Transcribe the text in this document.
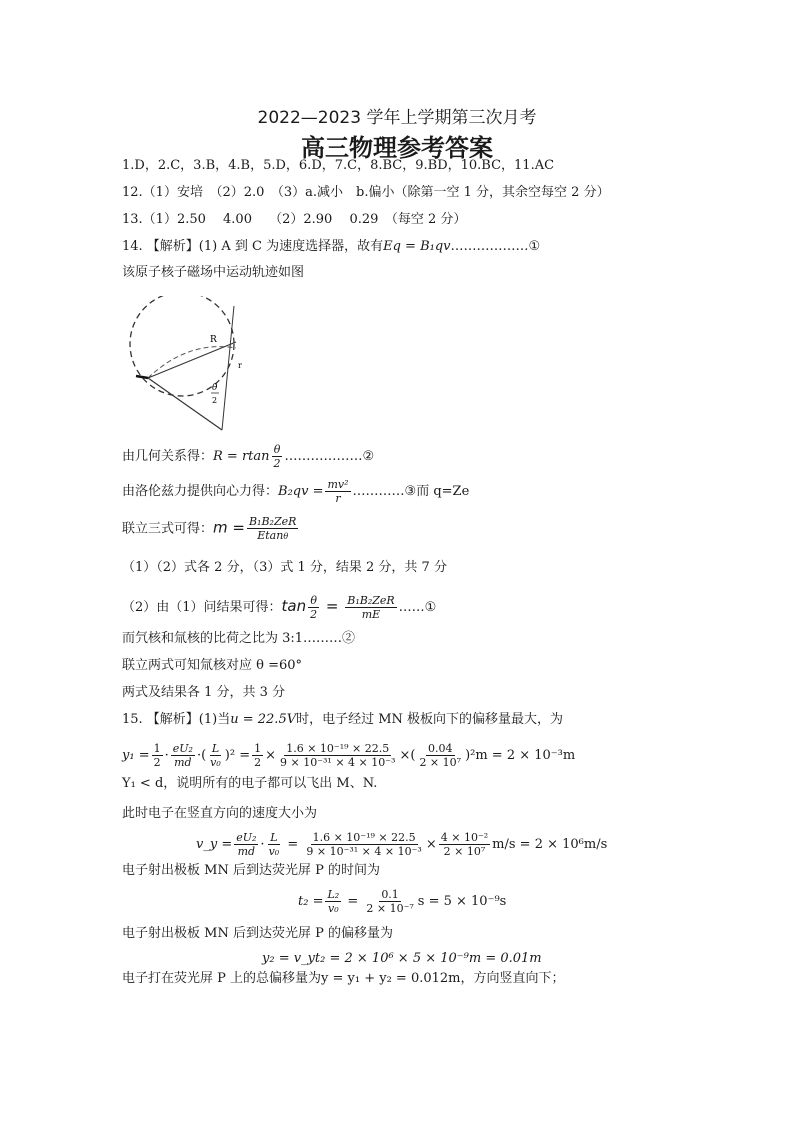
2022—2023 学年上学期第三次月考
高三物理参考答案
1.D，2.C，3.B，4.B，5.D，6.D，7.C，8.BC，9.BD，10.BC，11.AC
12.（1）安培　（2）2.0　（3）a.减小　b.偏小（除第一空 1 分，其余空每空 2 分）
13.（1）2.50　 4.00　 （2）2.90　 0.29　（每空 2 分）
14. 【解析】(1) A 到 C 为速度选择器，故有Eq = B₁qv………………①
该原子核子磁场中运动轨迹如图
R
r
θ
2
由几何关系得：R = rtan $\frac{\theta}{2}$ ………………②
由洛伦兹力提供向心力得：$B_2qv = \frac{\text{mv²}}{r}$ …………③而 q=Ze
联立三式可得：$m = \frac{\text{B₁B₂ZeR}}{Etan\theta}$
（1）（2）式各 2 分，（3）式 1 分，结果 2 分，共 7 分
（2）由（1）问结果可得：$\tan \frac{\theta}{2} = \frac{\text{B₁B₂ZeR}}{mE}$ ……①
而氕核和氚核的比荷之比为 3:1………②
联立两式可知氚核对应 θ =60°
两式及结果各 1 分，共 3 分
15. 【解析】(1)当u = 22.5V时，电子经过 MN 极板向下的偏移量最大，为
$y_1 = \frac{1}{2} \cdot \frac{\text{eU₂}}{md}$ ·( $\frac{L}{\text{v₀}} )^2 = \frac{1}{2} \times \frac{\text{1.6 × 10⁻¹⁹ × 22.5}}{\text{9 × 10⁻³¹ × 4 × 10⁻³}}$ ×( $\frac{0.04}{\text{2 × 10⁷}} )^2m = 2 \times 10^{-3}m$
Y₁ < d，说明所有的电子都可以飞出 M、N.
此时电子在竖直方向的速度大小为
v_y = $\frac{\text{eU₂}}{md} \cdot \frac{L}{\text{v₀}} = \frac{\text{1.6 × 10⁻¹⁹ × 22.5}}{\text{9 × 10⁻³¹ × 4 × 10⁻³}} \times \frac{\text{4 × 10⁻²}}{\text{2 × 10⁷}} m/s = 2 \times 10^6m/s$
电子射出极板 MN 后到达荧光屏 P 的时间为
$t_2 = \frac{\text{L₂}}{\text{v₀}} = \frac{0.1}{\text{2 × 10⁻⁷}}$ s = 5 × 10⁻⁹s
电子射出极板 MN 后到达荧光屏 P 的偏移量为
y₂ = v_yt₂ = 2 × 10⁶ × 5 × 10⁻⁹m = 0.01m
电子打在荧光屏 P 上的总偏移量为y = y₁ + y₂ = 0.012m，方向竖直向下；
